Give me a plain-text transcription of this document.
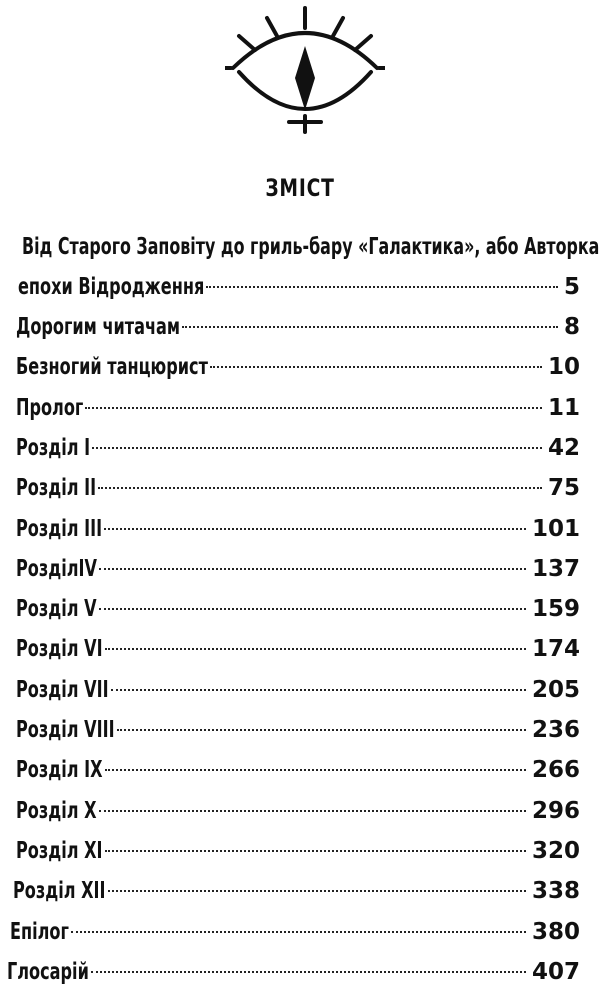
ЗМІСТ
Від Старого Заповіту до гриль-бару «Галактика», або Авторка
епохи Відродження	5
Дорогим читачам	8
Безногий танцюрист	10
Пролог	11
Розділ І	42
Розділ ІІ	75
Розділ ІІІ	101
РозділІV	137
Розділ V	159
Розділ VІ	174
Розділ VІІ	205
Розділ VІІІ	236
Розділ ІХ	266
Розділ Х	296
Розділ ХІ	320
Розділ ХІІ	338
Епілог	380
Глосарій	407
